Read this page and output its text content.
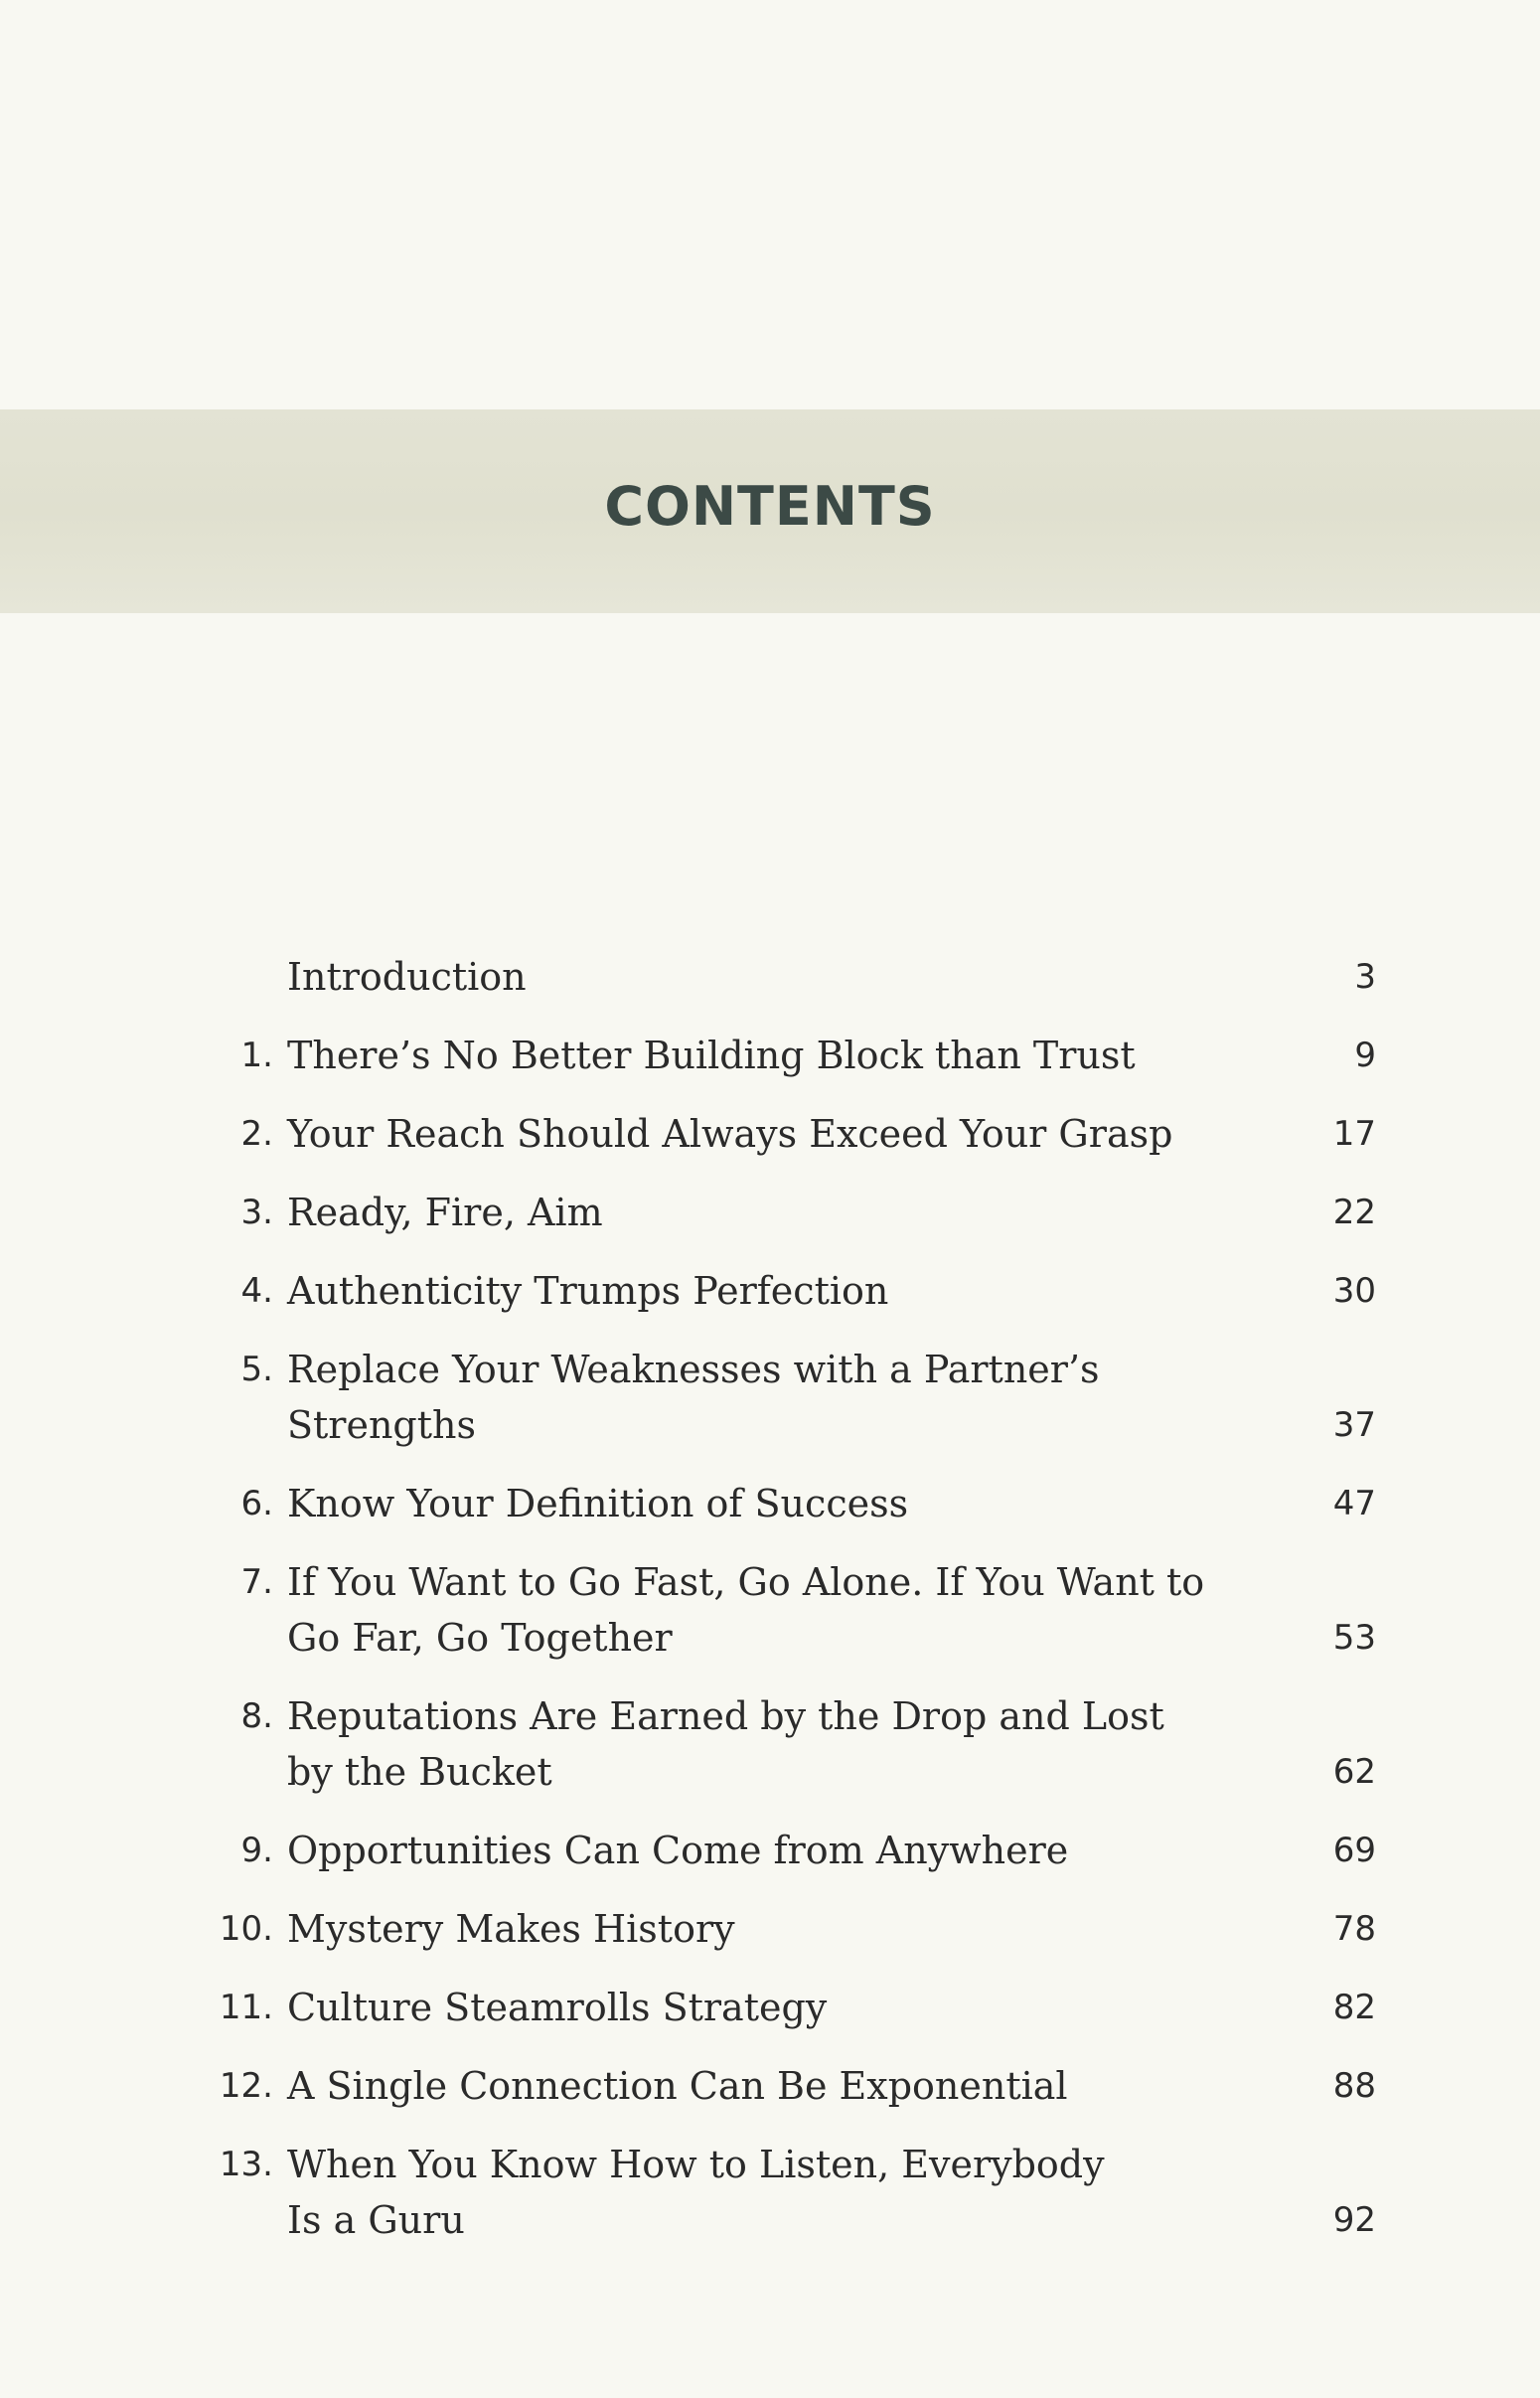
CONTENTS
Introduction	3
1. There’s No Better Building Block than Trust	9
2. Your Reach Should Always Exceed Your Grasp	17
3. Ready, Fire, Aim	22
4. Authenticity Trumps Perfection	30
5. Replace Your Weaknesses with a Partner’s
Strengths	37
6. Know Your Definition of Success	47
7. If You Want to Go Fast, Go Alone. If You Want to
Go Far, Go Together	53
8. Reputations Are Earned by the Drop and Lost
by the Bucket	62
9. Opportunities Can Come from Anywhere	69
10. Mystery Makes History	78
11. Culture Steamrolls Strategy	82
12. A Single Connection Can Be Exponential	88
13. When You Know How to Listen, Everybody
Is a Guru	92
